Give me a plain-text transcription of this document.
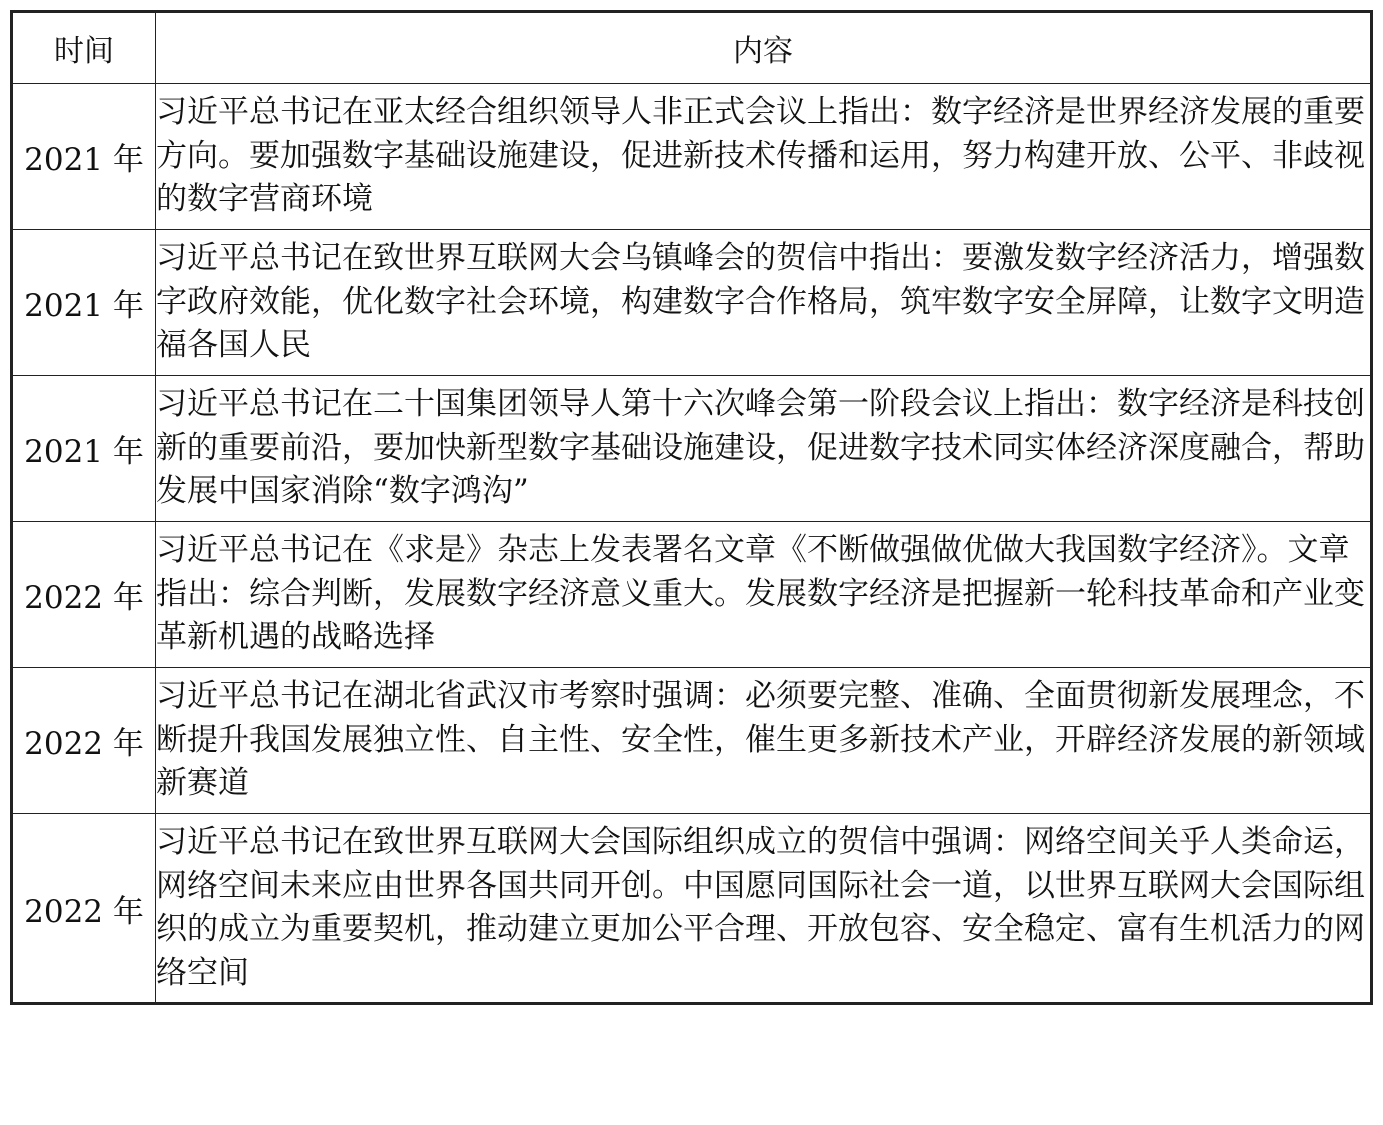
时间	内容
2021 年	习近平总书记在亚太经合组织领导人非正式会议上指出：数字经济是世界经济发展的重要方向。要加强数字基础设施建设，促进新技术传播和运用，努力构建开放、公平、非歧视的数字营商环境
2021 年	习近平总书记在致世界互联网大会乌镇峰会的贺信中指出：要激发数字经济活力，增强数字政府效能，优化数字社会环境，构建数字合作格局，筑牢数字安全屏障，让数字文明造福各国人民
2021 年	习近平总书记在二十国集团领导人第十六次峰会第一阶段会议上指出：数字经济是科技创新的重要前沿，要加快新型数字基础设施建设，促进数字技术同实体经济深度融合，帮助发展中国家消除“数字鸿沟”
2022 年	习近平总书记在《求是》杂志上发表署名文章《不断做强做优做大我国数字经济》。文章指出：综合判断，发展数字经济意义重大。发展数字经济是把握新一轮科技革命和产业变革新机遇的战略选择
2022 年	习近平总书记在湖北省武汉市考察时强调：必须要完整、准确、全面贯彻新发展理念，不断提升我国发展独立性、自主性、安全性，催生更多新技术产业，开辟经济发展的新领域新赛道
2022 年	习近平总书记在致世界互联网大会国际组织成立的贺信中强调：网络空间关乎人类命运，网络空间未来应由世界各国共同开创。中国愿同国际社会一道，以世界互联网大会国际组织的成立为重要契机，推动建立更加公平合理、开放包容、安全稳定、富有生机活力的网络空间
